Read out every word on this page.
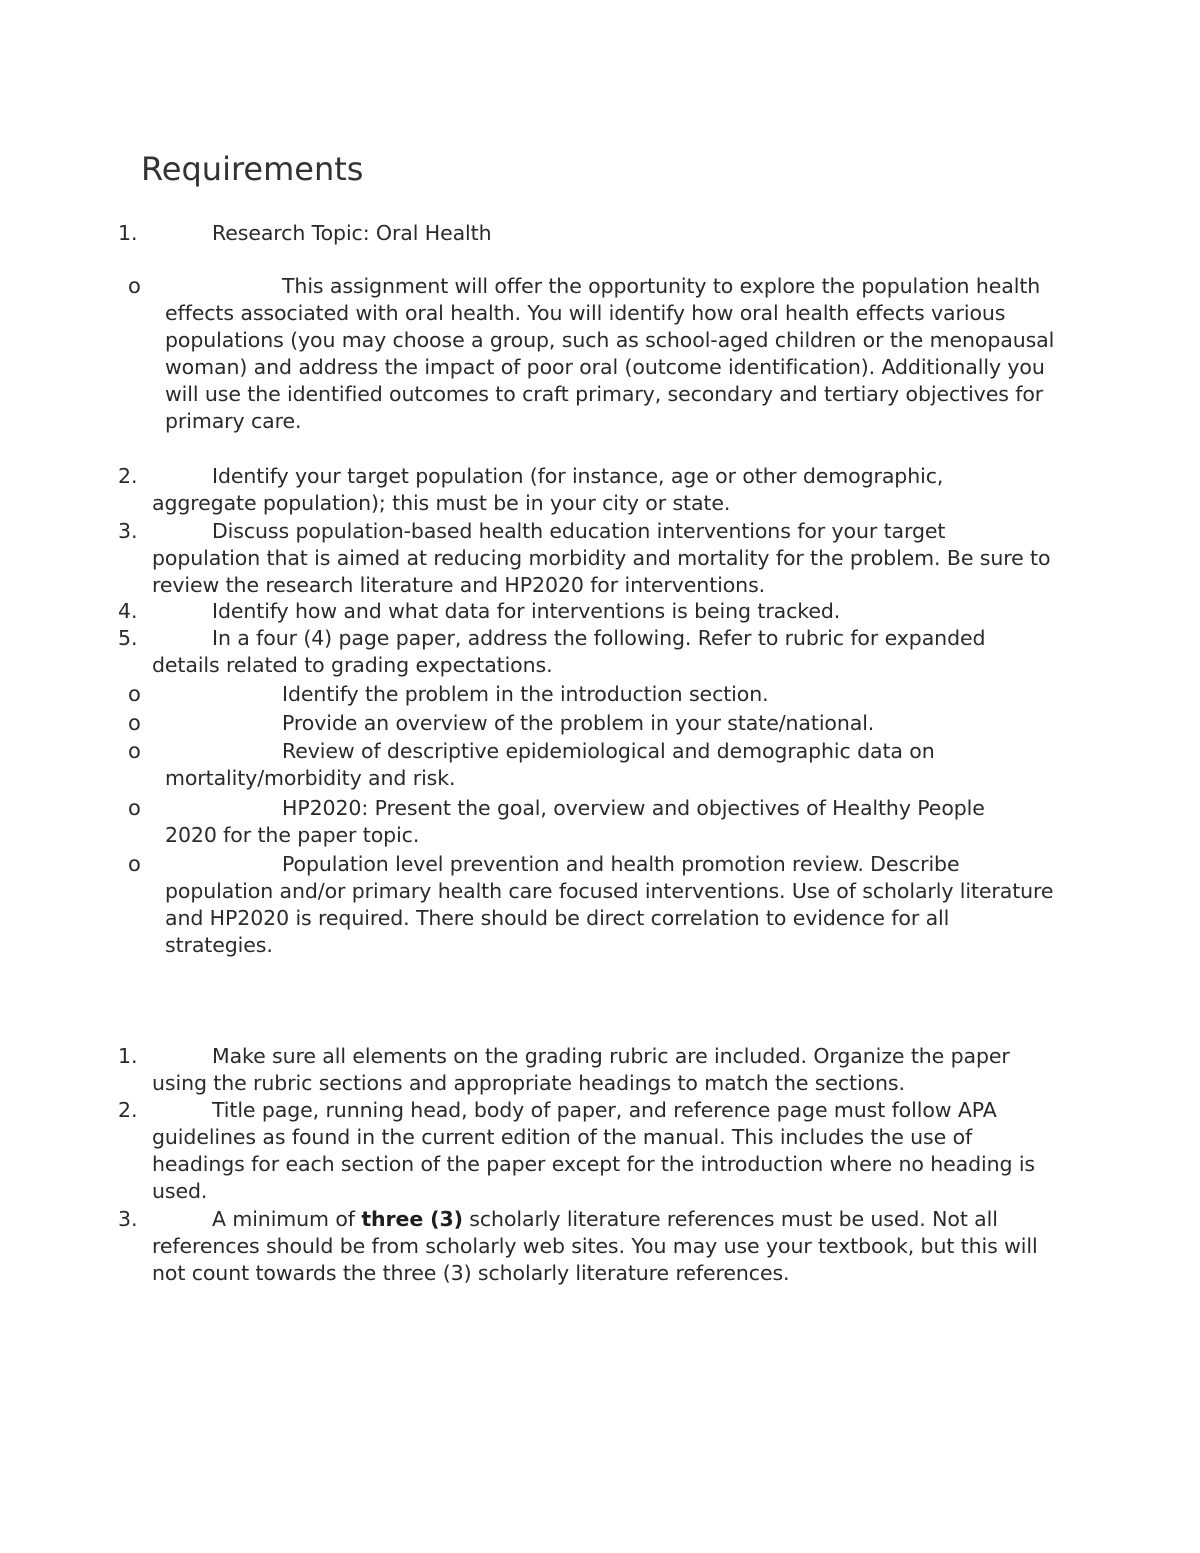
Requirements
1.	Research Topic: Oral Health
o	This assignment will offer the opportunity to explore the population health
effects associated with oral health. You will identify how oral health effects various populations (you may choose a group, such as school-aged children or the menopausal woman) and address the impact of poor oral (outcome identification). Additionally you will use the identified outcomes to craft primary, secondary and tertiary objectives for primary care.
2.	Identify your target population (for instance, age or other demographic,
aggregate population); this must be in your city or state.
3.	Discuss population-based health education interventions for your target
population that is aimed at reducing morbidity and mortality for the problem. Be sure to review the research literature and HP2020 for interventions.
4.	Identify how and what data for interventions is being tracked.
5.	In a four (4) page paper, address the following. Refer to rubric for expanded
details related to grading expectations.
o	Identify the problem in the introduction section.
o	Provide an overview of the problem in your state/national.
o	Review of descriptive epidemiological and demographic data on
mortality/morbidity and risk.
o	HP2020: Present the goal, overview and objectives of Healthy People
2020 for the paper topic.
o	Population level prevention and health promotion review. Describe
population and/or primary health care focused interventions. Use of scholarly literature and HP2020 is required. There should be direct correlation to evidence for all strategies.
1.	Make sure all elements on the grading rubric are included. Organize the paper
using the rubric sections and appropriate headings to match the sections.
2.	Title page, running head, body of paper, and reference page must follow APA
guidelines as found in the current edition of the manual. This includes the use of headings for each section of the paper except for the introduction where no heading is used.
3.	A minimum of three (3) scholarly literature references must be used. Not all
references should be from scholarly web sites. You may use your textbook, but this will not count towards the three (3) scholarly literature references.
